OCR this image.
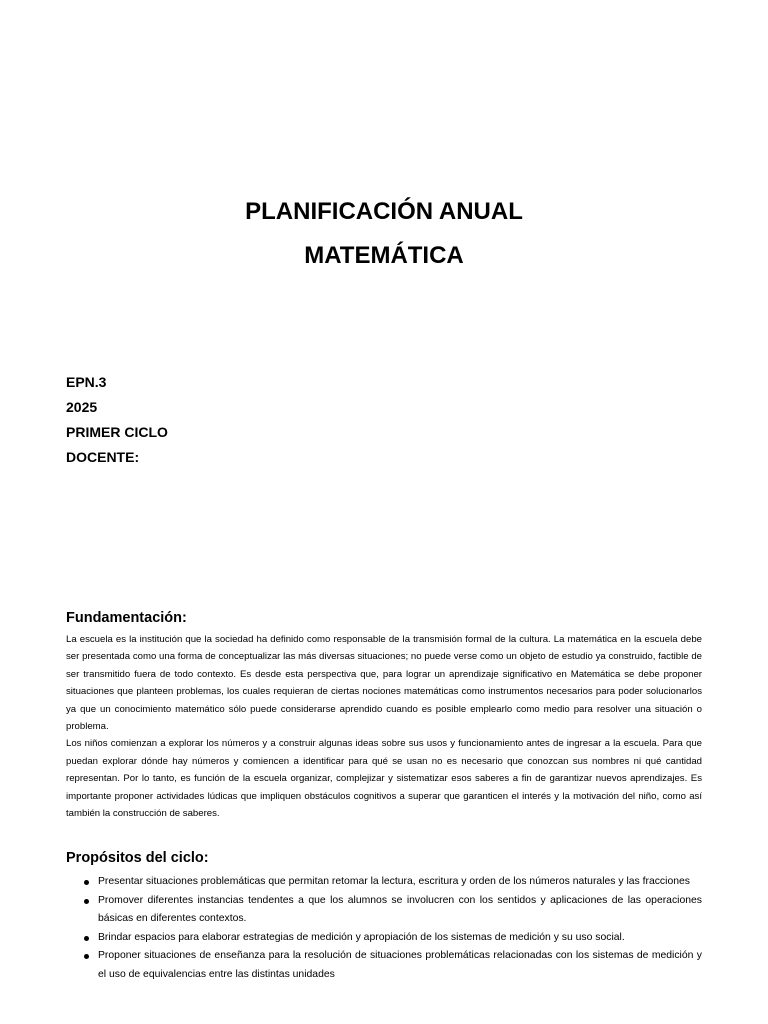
PLANIFICACIÓN ANUAL
MATEMÁTICA
EPN.3
2025
PRIMER CICLO
DOCENTE:
Fundamentación:

La escuela es la institución que la sociedad ha definido como responsable de la transmisión formal de la cultura. La matemática en la escuela debe ser presentada como una forma de conceptualizar las más diversas situaciones; no puede verse como un objeto de estudio ya construido, factible de ser transmitido fuera de todo contexto. Es desde esta perspectiva que, para lograr un aprendizaje significativo en Matemática se debe proponer situaciones que planteen problemas, los cuales requieran de ciertas nociones matemáticas como instrumentos necesarios para poder solucionarlos ya que un conocimiento matemático sólo puede considerarse aprendido cuando es posible emplearlo como medio para resolver una situación o problema.

Los niños comienzan a explorar los números y a construir algunas ideas sobre sus usos y funcionamiento antes de ingresar a la escuela. Para que puedan explorar dónde hay números y comiencen a identificar para qué se usan no es necesario que conozcan sus nombres ni qué cantidad representan. Por lo tanto, es función de la escuela organizar, complejizar y sistematizar esos saberes a fin de garantizar nuevos aprendizajes. Es importante proponer actividades lúdicas que impliquen obstáculos cognitivos a superar que garanticen el interés y la motivación del niño, como así también la construcción de saberes.

Propósitos del ciclo:
Presentar situaciones problemáticas que permitan retomar la lectura, escritura y orden de los números naturales y las fracciones
Promover diferentes instancias tendentes a que los alumnos se involucren con los sentidos y aplicaciones de las operaciones básicas en diferentes contextos.
Brindar espacios para elaborar estrategias de medición y apropiación de los sistemas de medición y su uso social.
Proponer situaciones de enseñanza para la resolución de situaciones problemáticas relacionadas con los sistemas de medición y el uso de equivalencias entre las distintas unidades
